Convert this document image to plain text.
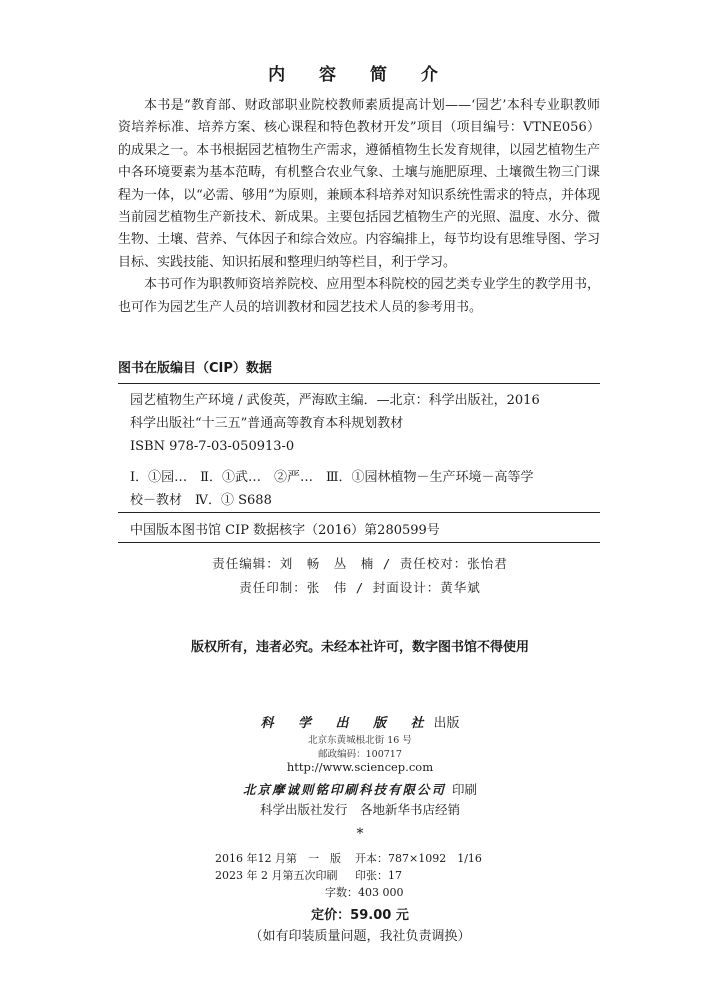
内 容 简 介

本书是“教育部、财政部职业院校教师素质提高计划——‘园艺’本科专业职教师资培养标准、培养方案、核心课程和特色教材开发”项目（项目编号：VTNE056）的成果之一。本书根据园艺植物生产需求，遵循植物生长发育规律，以园艺植物生产中各环境要素为基本范畴，有机整合农业气象、土壤与施肥原理、土壤微生物三门课程为一体，以“必需、够用”为原则，兼顾本科培养对知识系统性需求的特点，并体现当前园艺植物生产新技术、新成果。主要包括园艺植物生产的光照、温度、水分、微生物、土壤、营养、气体因子和综合效应。内容编排上，每节均设有思维导图、学习目标、实践技能、知识拓展和整理归纳等栏目，利于学习。

本书可作为职教师资培养院校、应用型本科院校的园艺类专业学生的教学用书，也可作为园艺生产人员的培训教材和园艺技术人员的参考用书。

图书在版编目（CIP）数据
园艺植物生产环境 / 武俊英，严海欧主编．—北京：科学出版社，2016
科学出版社“十三五”普通高等教育本科规划教材
ISBN 978-7-03-050913-0
Ⅰ．①园…　Ⅱ．①武…　②严…　Ⅲ．①园林植物－生产环境－高等学
校－教材　Ⅳ．① S688
中国版本图书馆 CIP 数据核字（2016）第280599号
责任编辑：刘　畅　丛　楠 / 责任校对：张怡君
责任印制：张　伟 / 封面设计：黄华斌
版权所有，违者必究。未经本社许可，数字图书馆不得使用
科 学 出 版 社出版
北京东黄城根北街 16 号
邮政编码：100717
http://www.sciencep.com
北京摩诚则铭印刷科技有限公司 印刷
科学出版社发行　各地新华书店经销
*
2016 年12 月第　一　版 开本：787×1092　1/16
2023 年 2 月第五次印刷 印张：17
字数：403 000
定价：59.00 元
（如有印装质量问题，我社负责调换）
